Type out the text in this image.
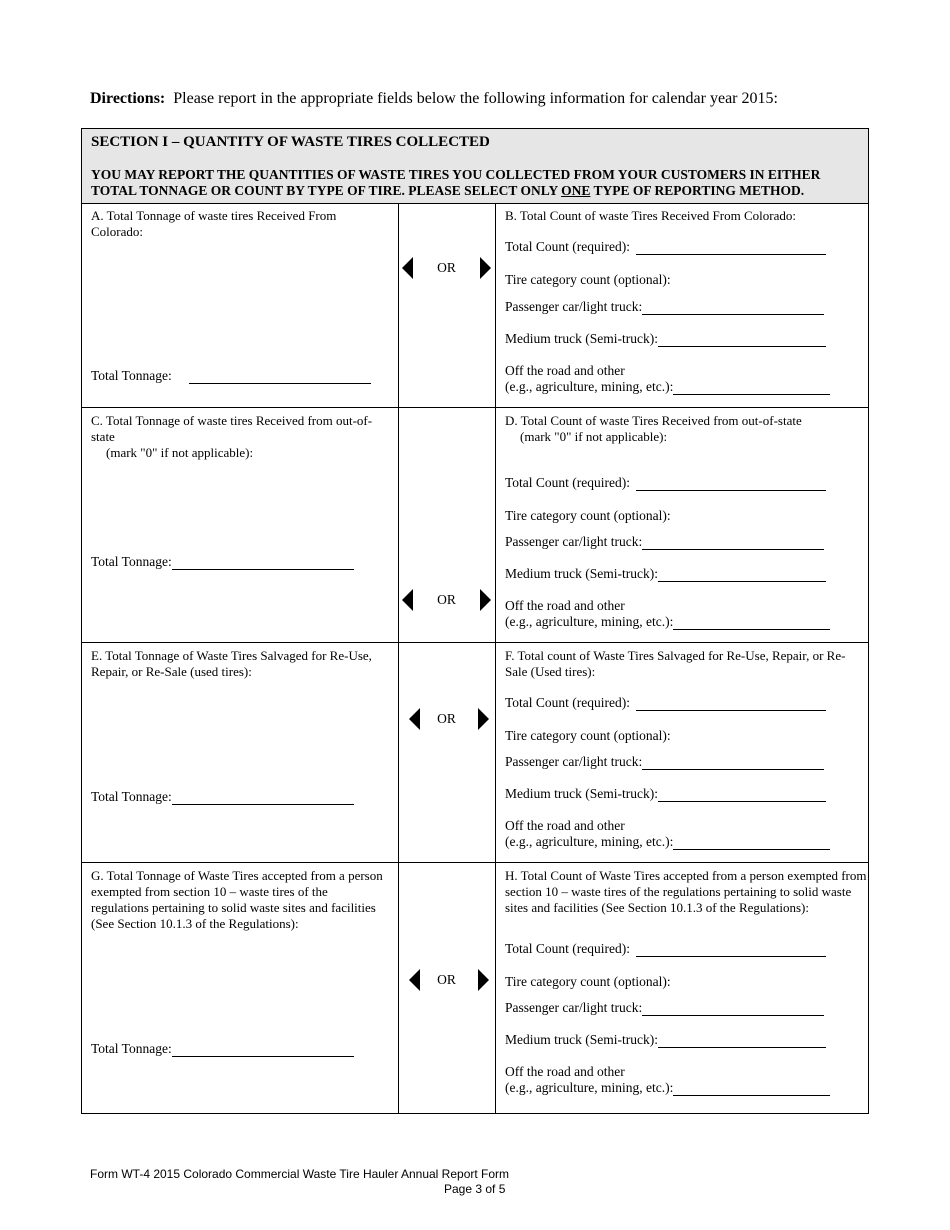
Directions: Please report in the appropriate fields below the following information for calendar year 2015:
SECTION I – QUANTITY OF WASTE TIRES COLLECTED
YOU MAY REPORT THE QUANTITIES OF WASTE TIRES YOU COLLECTED FROM YOUR CUSTOMERS IN EITHER
TOTAL TONNAGE OR COUNT BY TYPE OF TIRE. PLEASE SELECT ONLY ONE TYPE OF REPORTING METHOD.
A. Total Tonnage of waste tires Received From Colorado:
Total Tonnage:
OR
B. Total Count of waste Tires Received From Colorado:
Total Count (required):
Tire category count (optional):
Passenger car/light truck:
Medium truck (Semi-truck):
Off the road and other
(e.g., agriculture, mining, etc.):
C. Total Tonnage of waste tires Received from out-of-state
(mark "0" if not applicable):
Total Tonnage:
OR
D. Total Count of waste Tires Received from out-of-state
(mark "0" if not applicable):
Total Count (required):
Tire category count (optional):
Passenger car/light truck:
Medium truck (Semi-truck):
Off the road and other
(e.g., agriculture, mining, etc.):
E. Total Tonnage of Waste Tires Salvaged for Re-Use, Repair, or Re-Sale (used tires):
Total Tonnage:
OR
F. Total count of Waste Tires Salvaged for Re-Use, Repair, or Re-Sale (Used tires):
Total Count (required):
Tire category count (optional):
Passenger car/light truck:
Medium truck (Semi-truck):
Off the road and other
(e.g., agriculture, mining, etc.):
G. Total Tonnage of Waste Tires accepted from a person exempted from section 10 – waste tires of the regulations pertaining to solid waste sites and facilities (See Section 10.1.3 of the Regulations):
Total Tonnage:
OR
H. Total Count of Waste Tires accepted from a person exempted from section 10 – waste tires of the regulations pertaining to solid waste sites and facilities (See Section 10.1.3 of the Regulations):
Total Count (required):
Tire category count (optional):
Passenger car/light truck:
Medium truck (Semi-truck):
Off the road and other
(e.g., agriculture, mining, etc.):
Form WT-4 2015 Colorado Commercial Waste Tire Hauler Annual Report Form
Page 3 of 5
